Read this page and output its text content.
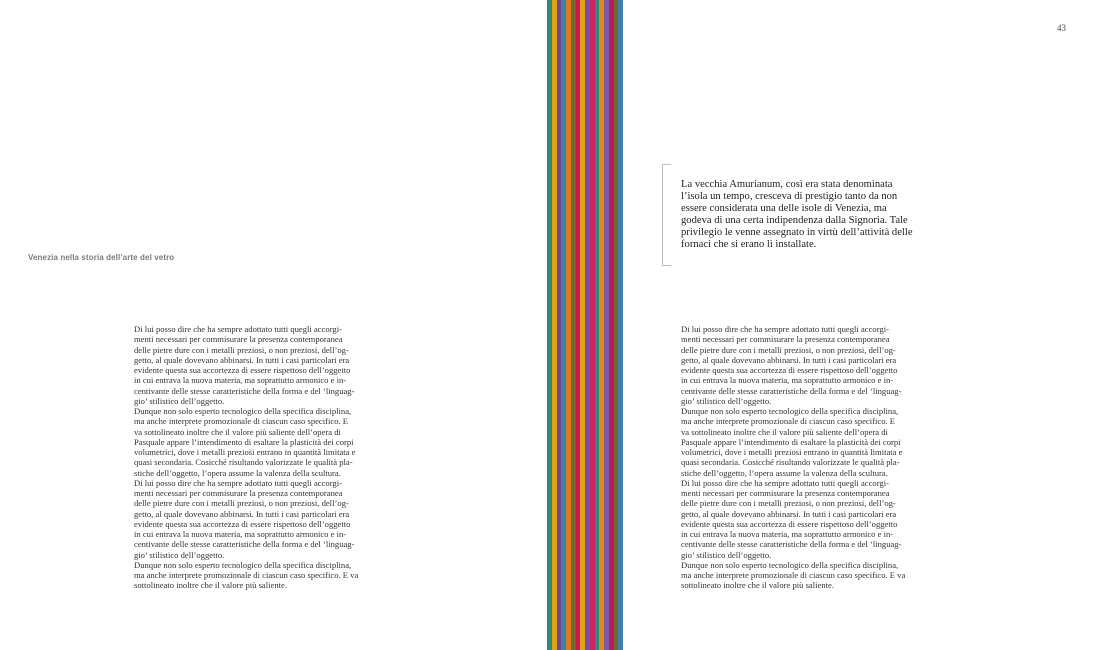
Venezia nella storia dell’arte del vetro
Di lui posso dire che ha sempre adottato tutti quegli accorgi-
menti necessari per commisurare la presenza contemporanea
delle pietre dure con i metalli preziosi, o non preziosi, dell’og-
getto, al quale dovevano abbinarsi. In tutti i casi particolari era
evidente questa sua accortezza di essere rispettoso dell’oggetto
in cui entrava la nuova materia, ma soprattutto armonico e in-
centivante delle stesse caratteristiche della forma e del ‘linguag-
gio’ stilistico dell’oggetto.
Dunque non solo esperto tecnologico della specifica disciplina,
ma anche interprete promozionale di ciascun caso specifico. E
va sottolineato inoltre che il valore più saliente dell’opera di
Pasquale appare l’intendimento di esaltare la plasticità dei corpi
volumetrici, dove i metalli preziosi entrano in quantità limitata e
quasi secondaria. Cosicché risultando valorizzate le qualità pla-
stiche dell’oggetto, l’opera assume la valenza della scultura.
Di lui posso dire che ha sempre adottato tutti quegli accorgi-
menti necessari per commisurare la presenza contemporanea
delle pietre dure con i metalli preziosi, o non preziosi, dell’og-
getto, al quale dovevano abbinarsi. In tutti i casi particolari era
evidente questa sua accortezza di essere rispettoso dell’oggetto
in cui entrava la nuova materia, ma soprattutto armonico e in-
centivante delle stesse caratteristiche della forma e del ‘linguag-
gio’ stilistico dell’oggetto.
Dunque non solo esperto tecnologico della specifica disciplina,
ma anche interprete promozionale di ciascun caso specifico. E va
sottolineato inoltre che il valore più saliente.
43
La vecchia Amurianum, così era stata denominata
l’isola un tempo, cresceva di prestigio tanto da non
essere considerata una delle isole di Venezia, ma
godeva di una certa indipendenza dalla Signoria. Tale
privilegio le venne assegnato in virtù dell’attività delle
fornaci che si erano lì installate.
Di lui posso dire che ha sempre adottato tutti quegli accorgi-
menti necessari per commisurare la presenza contemporanea
delle pietre dure con i metalli preziosi, o non preziosi, dell’og-
getto, al quale dovevano abbinarsi. In tutti i casi particolari era
evidente questa sua accortezza di essere rispettoso dell’oggetto
in cui entrava la nuova materia, ma soprattutto armonico e in-
centivante delle stesse caratteristiche della forma e del ‘linguag-
gio’ stilistico dell’oggetto.
Dunque non solo esperto tecnologico della specifica disciplina,
ma anche interprete promozionale di ciascun caso specifico. E
va sottolineato inoltre che il valore più saliente dell’opera di
Pasquale appare l’intendimento di esaltare la plasticità dei corpi
volumetrici, dove i metalli preziosi entrano in quantità limitata e
quasi secondaria. Cosicché risultando valorizzate le qualità pla-
stiche dell’oggetto, l’opera assume la valenza della scultura.
Di lui posso dire che ha sempre adottato tutti quegli accorgi-
menti necessari per commisurare la presenza contemporanea
delle pietre dure con i metalli preziosi, o non preziosi, dell’og-
getto, al quale dovevano abbinarsi. In tutti i casi particolari era
evidente questa sua accortezza di essere rispettoso dell’oggetto
in cui entrava la nuova materia, ma soprattutto armonico e in-
centivante delle stesse caratteristiche della forma e del ‘linguag-
gio’ stilistico dell’oggetto.
Dunque non solo esperto tecnologico della specifica disciplina,
ma anche interprete promozionale di ciascun caso specifico. E va
sottolineato inoltre che il valore più saliente.
